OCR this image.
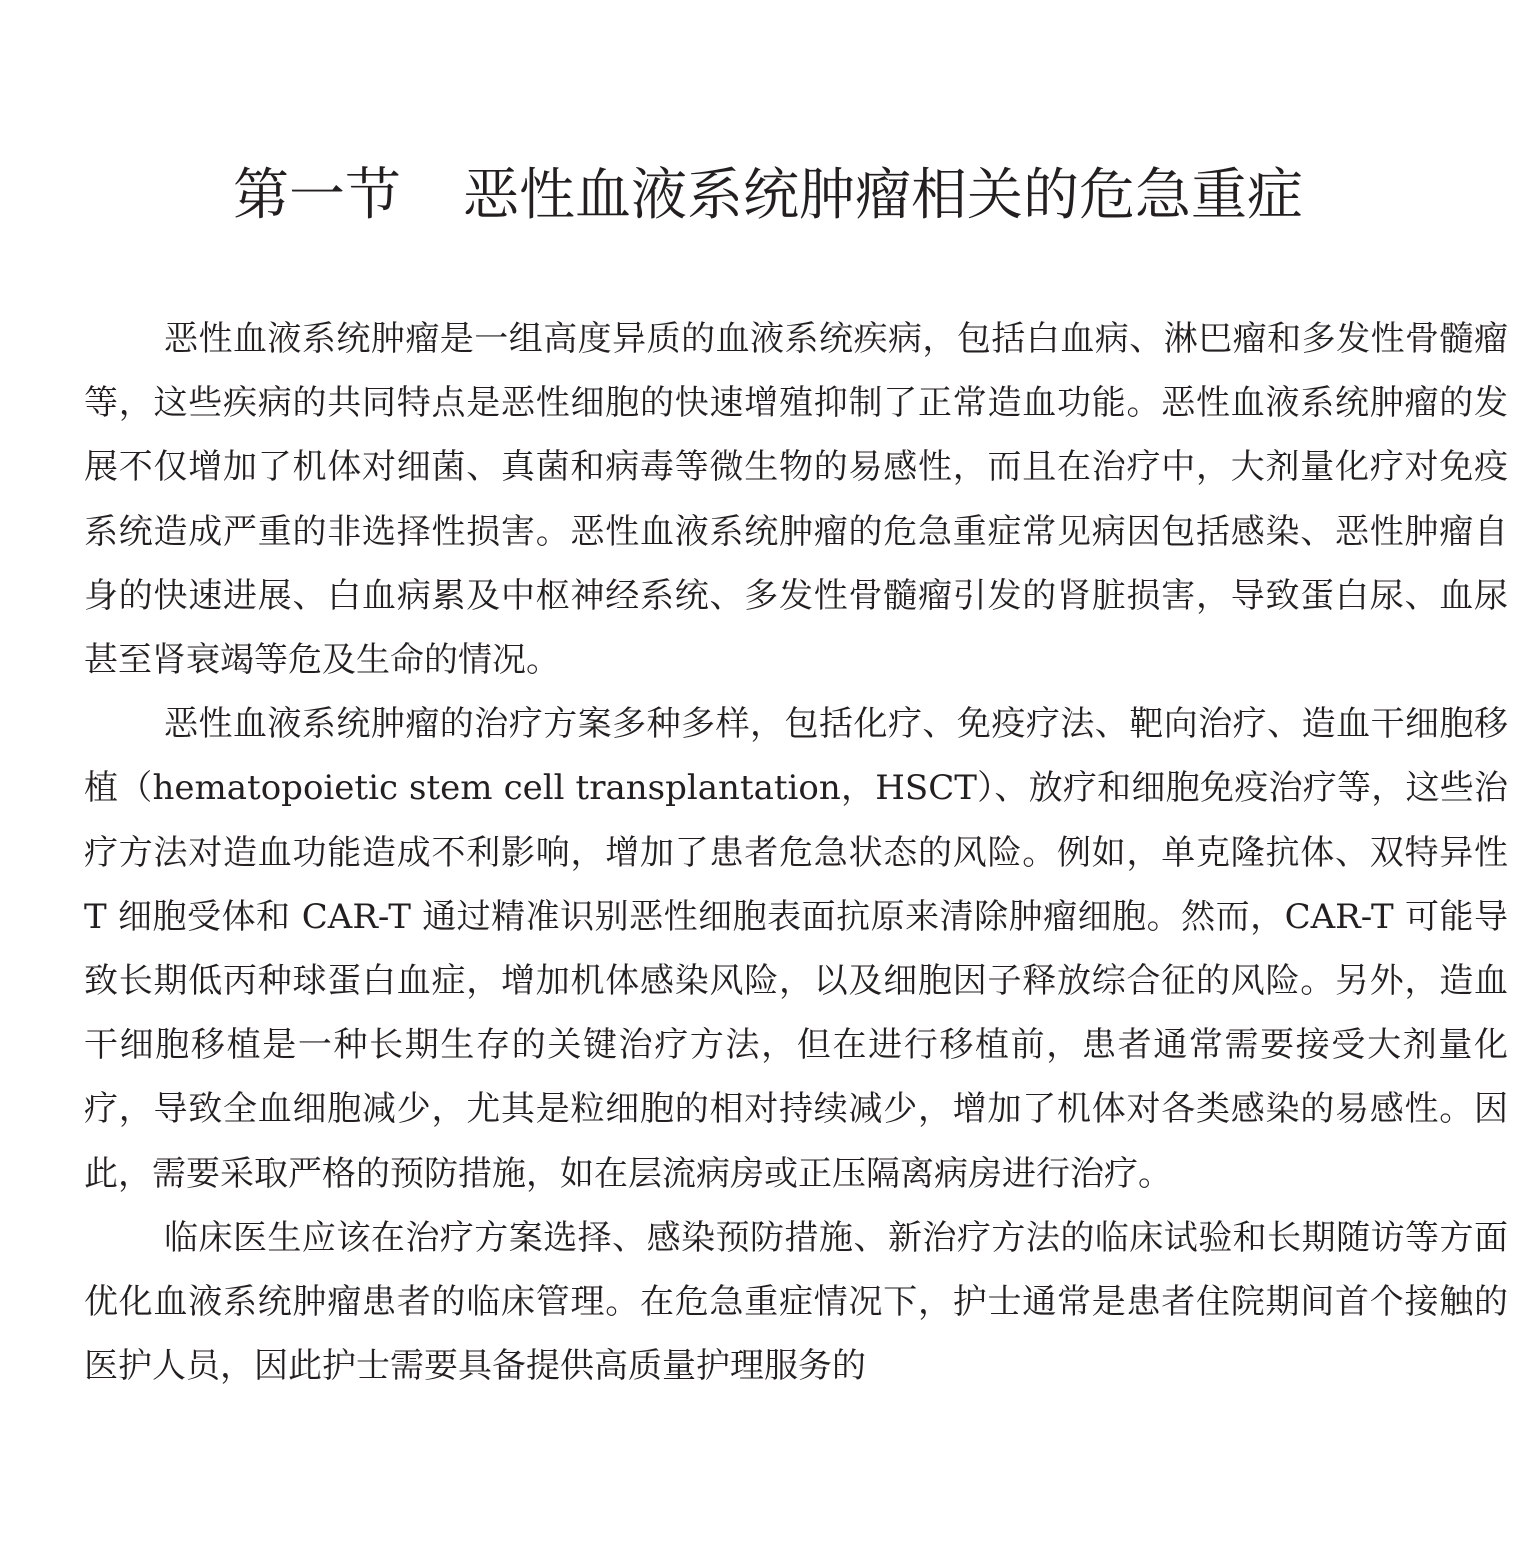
第一节 恶性血液系统肿瘤相关的危急重症

恶性血液系统肿瘤是一组高度异质的血液系统疾病，包括白血病、淋巴瘤和多发性骨髓瘤等，这些疾病的共同特点是恶性细胞的快速增殖抑制了正常造血功能。恶性血液系统肿瘤的发展不仅增加了机体对细菌、真菌和病毒等微生物的易感性，而且在治疗中，大剂量化疗对免疫系统造成严重的非选择性损害。恶性血液系统肿瘤的危急重症常见病因包括感染、恶性肿瘤自身的快速进展、白血病累及中枢神经系统、多发性骨髓瘤引发的肾脏损害，导致蛋白尿、血尿甚至肾衰竭等危及生命的情况。

恶性血液系统肿瘤的治疗方案多种多样，包括化疗、免疫疗法、靶向治疗、造血干细胞移植（hematopoietic stem cell transplantation，HSCT）、放疗和细胞免疫治疗等，这些治疗方法对造血功能造成不利影响，增加了患者危急状态的风险。例如，单克隆抗体、双特异性 T 细胞受体和 CAR-T 通过精准识别恶性细胞表面抗原来清除肿瘤细胞。然而，CAR-T 可能导致长期低丙种球蛋白血症，增加机体感染风险，以及细胞因子释放综合征的风险。另外，造血干细胞移植是一种长期生存的关键治疗方法，但在进行移植前，患者通常需要接受大剂量化疗，导致全血细胞减少，尤其是粒细胞的相对持续减少，增加了机体对各类感染的易感性。因此，需要采取严格的预防措施，如在层流病房或正压隔离病房进行治疗。

临床医生应该在治疗方案选择、感染预防措施、新治疗方法的临床试验和长期随访等方面优化血液系统肿瘤患者的临床管理。在危急重症情况下，护士通常是患者住院期间首个接触的医护人员，因此护士需要具备提供高质量护理服务的
